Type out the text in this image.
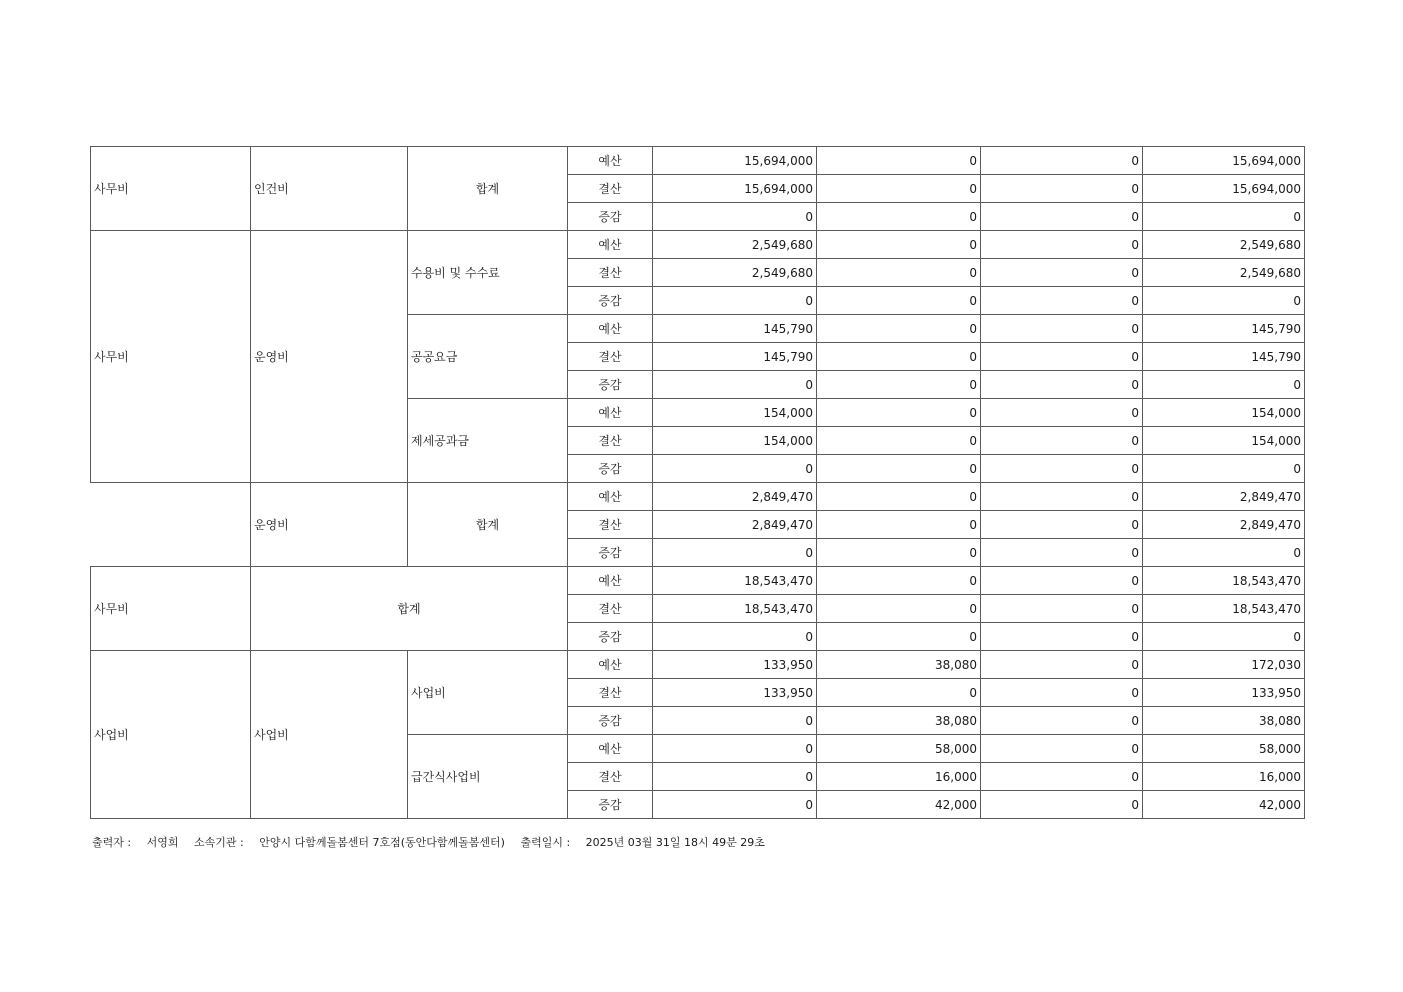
사무비	인건비	합계	예산	15,694,000	0	0	15,694,000
			결산	15,694,000	0	0	15,694,000
			증감	0	0	0	0
사무비	운영비	수용비 및 수수료	예산	2,549,680	0	0	2,549,680
			결산	2,549,680	0	0	2,549,680
			증감	0	0	0	0
		공공요금	예산	145,790	0	0	145,790
			결산	145,790	0	0	145,790
			증감	0	0	0	0
		제세공과금	예산	154,000	0	0	154,000
			결산	154,000	0	0	154,000
			증감	0	0	0	0
	운영비	합계	예산	2,849,470	0	0	2,849,470
			결산	2,849,470	0	0	2,849,470
			증감	0	0	0	0
사무비	합계		예산	18,543,470	0	0	18,543,470
			결산	18,543,470	0	0	18,543,470
			증감	0	0	0	0
사업비	사업비	사업비	예산	133,950	38,080	0	172,030
			결산	133,950	0	0	133,950
			증감	0	38,080	0	38,080
		급간식사업비	예산	0	58,000	0	58,000
			결산	0	16,000	0	16,000
			증감	0	42,000	0	42,000
출력자 : 서영희 소속기관 : 안양시 다함께돌봄센터 7호점(동안다함께돌봄센터) 출력일시 : 2025년 03월 31일 18시 49분 29초
